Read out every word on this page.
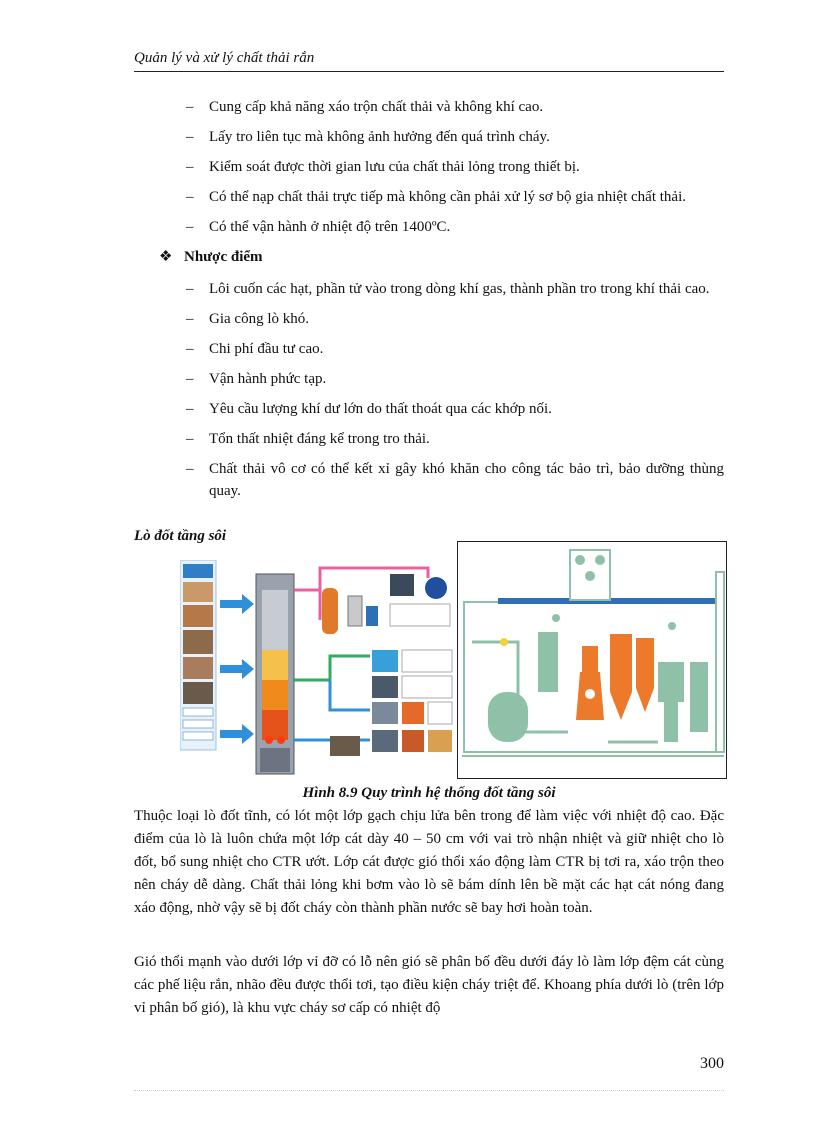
Quản lý và xử lý chất thải rắn
– Cung cấp khả năng xáo trộn chất thải và không khí cao.
– Lấy tro liên tục mà không ảnh hưởng đến quá trình cháy.
– Kiểm soát được thời gian lưu của chất thải lỏng trong thiết bị.
– Có thể nạp chất thải trực tiếp mà không cần phải xử lý sơ bộ gia nhiệt chất thải.
– Có thể vận hành ở nhiệt độ trên 1400ºC.
❖ Nhược điểm
– Lôi cuốn các hạt, phần tử vào trong dòng khí gas, thành phần tro trong khí thải cao.
– Gia công lò khó.
– Chi phí đầu tư cao.
– Vận hành phức tạp.
– Yêu cầu lượng khí dư lớn do thất thoát qua các khớp nối.
– Tổn thất nhiệt đáng kể trong tro thải.
– Chất thải vô cơ có thể kết xỉ gây khó khăn cho công tác bảo trì, bảo dưỡng thùng quay.
Lò đốt tầng sôi
Hình 8.9 Quy trình hệ thống đốt tầng sôi

Thuộc loại lò đốt tĩnh, có lót một lớp gạch chịu lửa bên trong để làm việc với nhiệt độ cao. Đặc điểm của lò là luôn chứa một lớp cát dày 40 – 50 cm với vai trò nhận nhiệt và giữ nhiệt cho lò đốt, bổ sung nhiệt cho CTR ướt. Lớp cát được gió thổi xáo động làm CTR bị tơi ra, xáo trộn theo nên cháy dễ dàng. Chất thải lỏng khi bơm vào lò sẽ bám dính lên bề mặt các hạt cát nóng đang xáo động, nhờ vậy sẽ bị đốt cháy còn thành phần nước sẽ bay hơi hoàn toàn.

Gió thổi mạnh vào dưới lớp vỉ đỡ có lỗ nên gió sẽ phân bố đều dưới đáy lò làm lớp đệm cát cùng các phế liệu rắn, nhão đều được thổi tơi, tạo điều kiện cháy triệt để. Khoang phía dưới lò (trên lớp vỉ phân bố gió), là khu vực cháy sơ cấp có nhiệt độ

300
